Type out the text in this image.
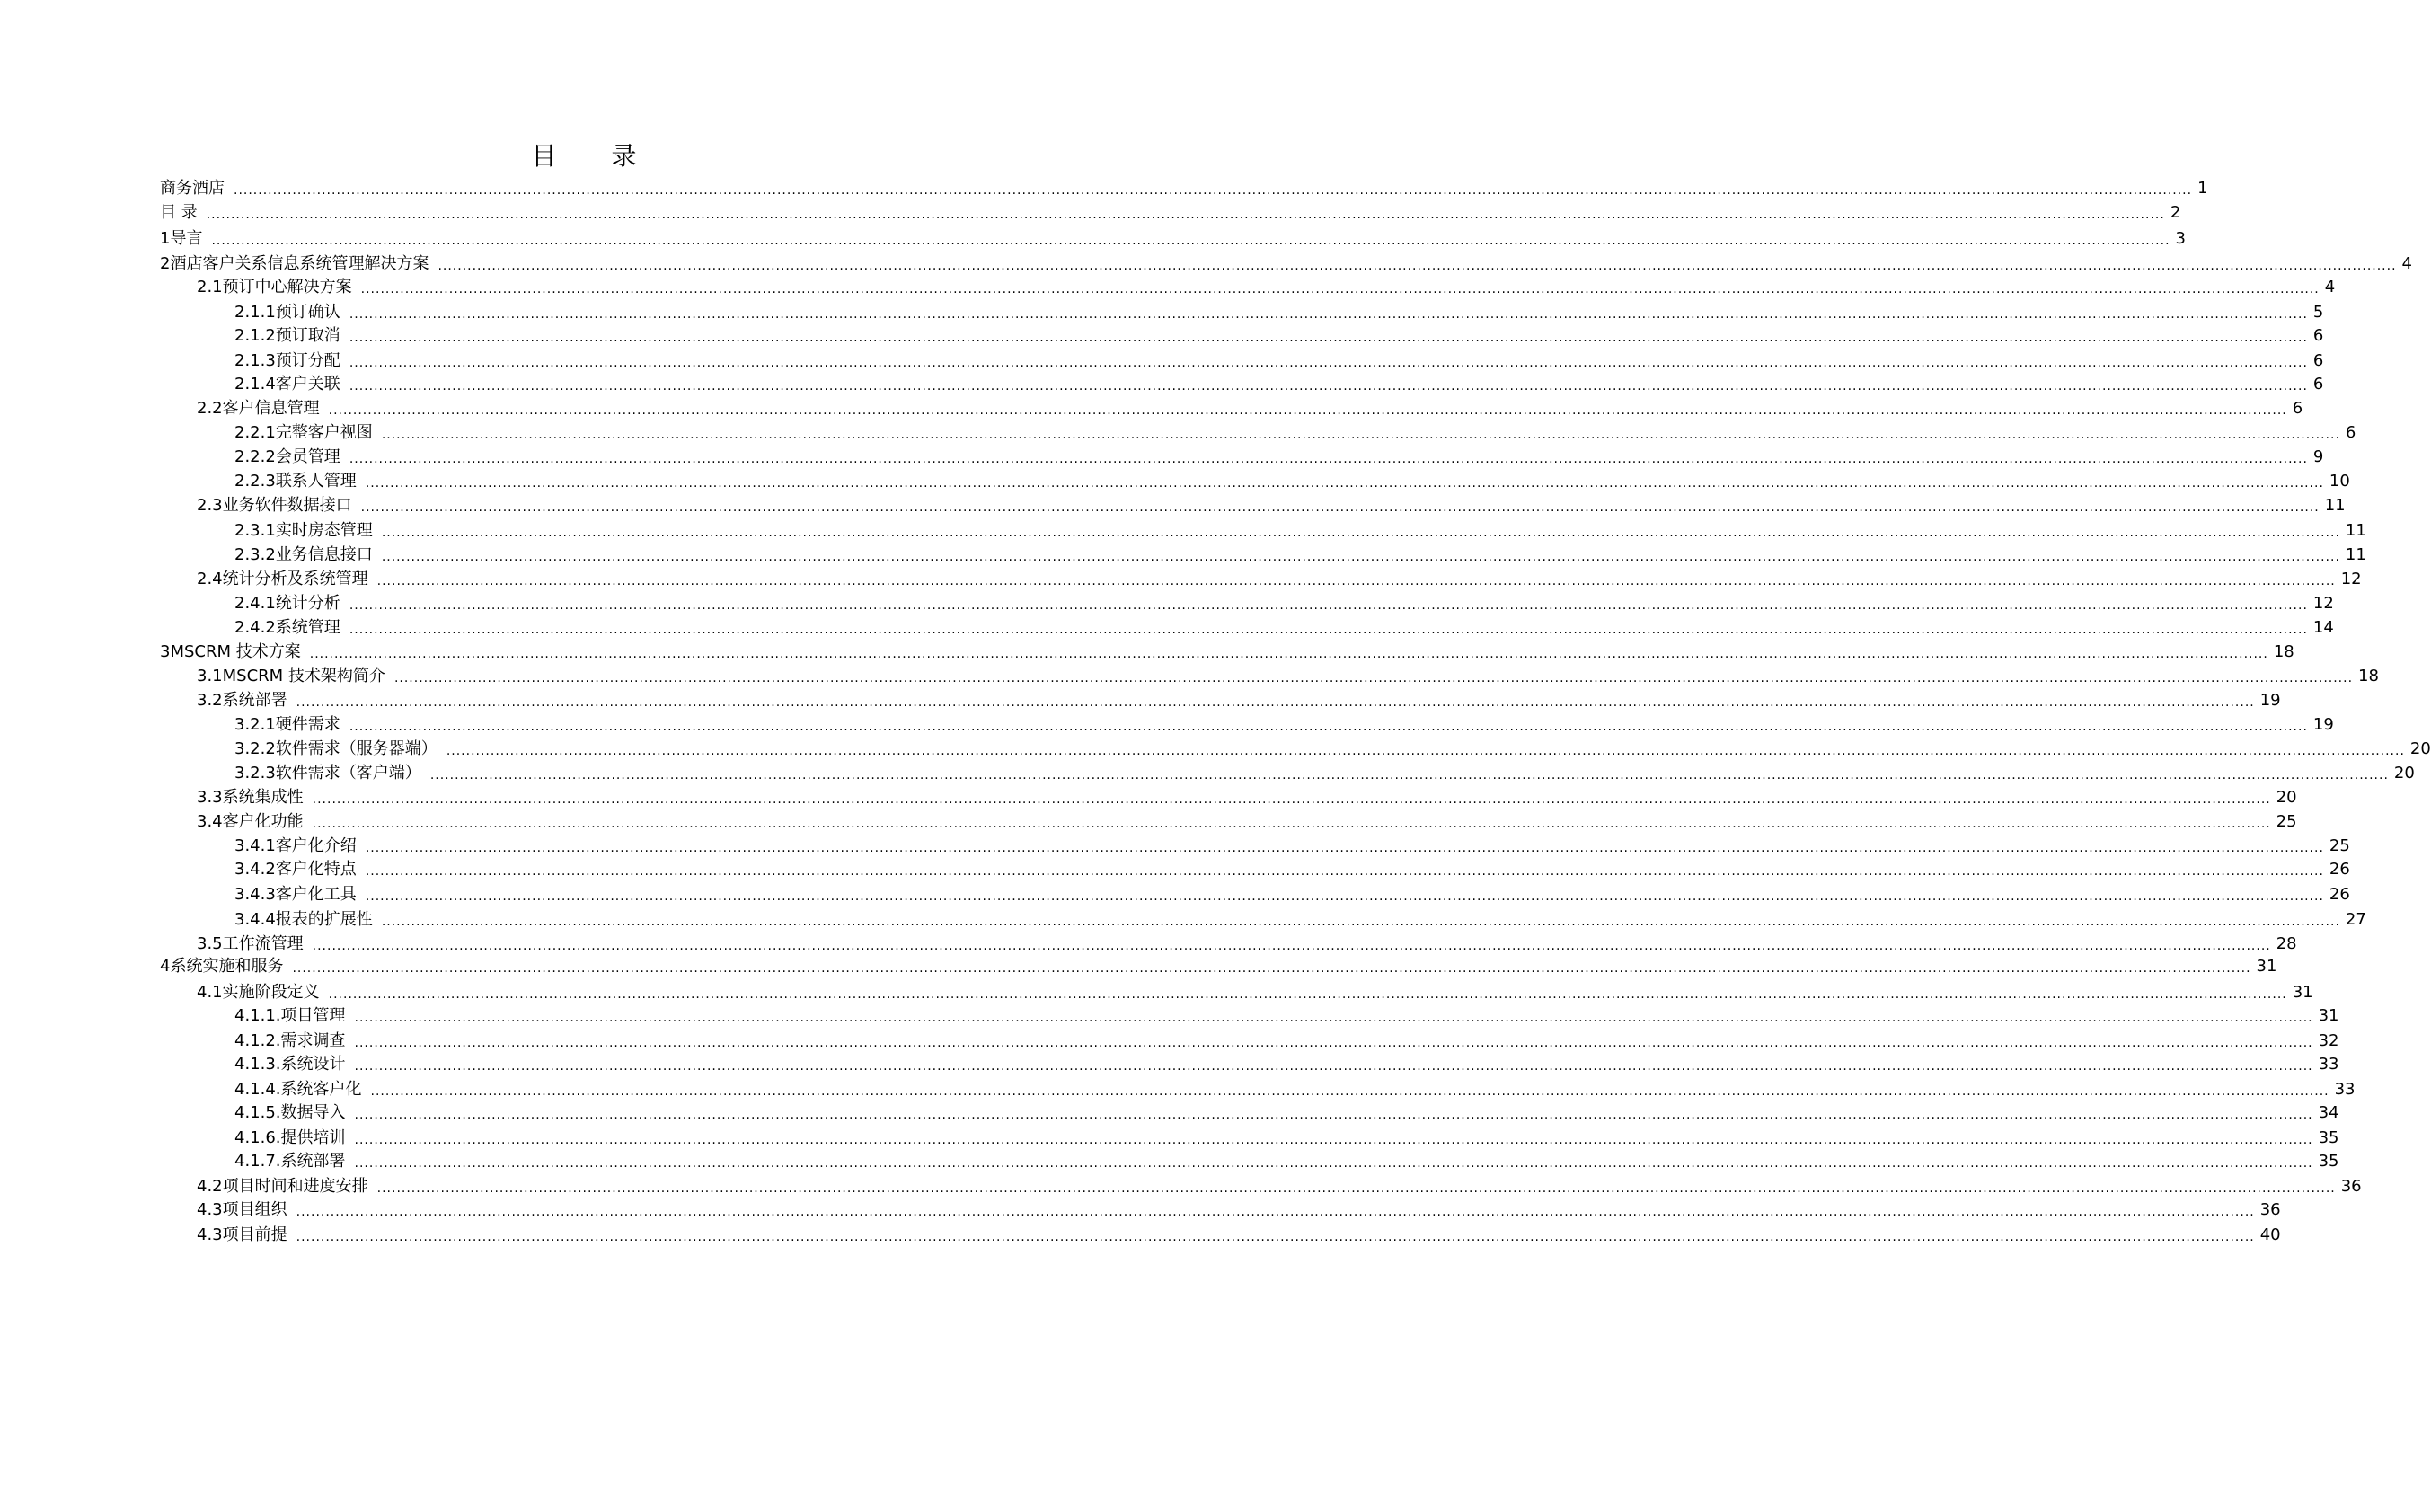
目 录
商务酒店 ................................................................................................................................................................................................................................................................................................................................................................................................................ 1
目 录 ................................................................................................................................................................................................................................................................................................................................................................................................................ 2
1 导言 ................................................................................................................................................................................................................................................................................................................................................................................................................ 3
2 酒店客户关系信息系统管理解决方案 ................................................................................................................................................................................................................................................................................................................................................................................................................ 4
2.1 预订中心解决方案 ................................................................................................................................................................................................................................................................................................................................................................................................................ 4
2.1.1 预订确认 ................................................................................................................................................................................................................................................................................................................................................................................................................ 5
2.1.2 预订取消 ................................................................................................................................................................................................................................................................................................................................................................................................................ 6
2.1.3 预订分配 ................................................................................................................................................................................................................................................................................................................................................................................................................ 6
2.1.4 客户关联 ................................................................................................................................................................................................................................................................................................................................................................................................................ 6
2.2 客户信息管理 ................................................................................................................................................................................................................................................................................................................................................................................................................ 6
2.2.1 完整客户视图 ................................................................................................................................................................................................................................................................................................................................................................................................................ 6
2.2.2 会员管理 ................................................................................................................................................................................................................................................................................................................................................................................................................ 9
2.2.3 联系人管理 ................................................................................................................................................................................................................................................................................................................................................................................................................ 10
2.3 业务软件数据接口 ................................................................................................................................................................................................................................................................................................................................................................................................................ 11
2.3.1 实时房态管理 ................................................................................................................................................................................................................................................................................................................................................................................................................ 11
2.3.2 业务信息接口 ................................................................................................................................................................................................................................................................................................................................................................................................................ 11
2.4 统计分析及系统管理 ................................................................................................................................................................................................................................................................................................................................................................................................................ 12
2.4.1 统计分析 ................................................................................................................................................................................................................................................................................................................................................................................................................ 12
2.4.2 系统管理 ................................................................................................................................................................................................................................................................................................................................................................................................................ 14
3 MSCRM 技术方案 ................................................................................................................................................................................................................................................................................................................................................................................................................ 18
3.1 MSCRM 技术架构简介 ................................................................................................................................................................................................................................................................................................................................................................................................................ 18
3.2 系统部署 ................................................................................................................................................................................................................................................................................................................................................................................................................ 19
3.2.1 硬件需求 ................................................................................................................................................................................................................................................................................................................................................................................................................ 19
3.2.2 软件需求（服务器端） ................................................................................................................................................................................................................................................................................................................................................................................................................ 20
3.2.3 软件需求（客户端） ................................................................................................................................................................................................................................................................................................................................................................................................................ 20
3.3 系统集成性 ................................................................................................................................................................................................................................................................................................................................................................................................................ 20
3.4 客户化功能 ................................................................................................................................................................................................................................................................................................................................................................................................................ 25
3.4.1 客户化介绍 ................................................................................................................................................................................................................................................................................................................................................................................................................ 25
3.4.2 客户化特点 ................................................................................................................................................................................................................................................................................................................................................................................................................ 26
3.4.3 客户化工具 ................................................................................................................................................................................................................................................................................................................................................................................................................ 26
3.4.4 报表的扩展性 ................................................................................................................................................................................................................................................................................................................................................................................................................ 27
3.5 工作流管理 ................................................................................................................................................................................................................................................................................................................................................................................................................ 28
4 系统实施和服务 ................................................................................................................................................................................................................................................................................................................................................................................................................ 31
4.1 实施阶段定义 ................................................................................................................................................................................................................................................................................................................................................................................................................ 31
4.1.1. 项目管理 ................................................................................................................................................................................................................................................................................................................................................................................................................ 31
4.1.2. 需求调查 ................................................................................................................................................................................................................................................................................................................................................................................................................ 32
4.1.3. 系统设计 ................................................................................................................................................................................................................................................................................................................................................................................................................ 33
4.1.4. 系统客户化 ................................................................................................................................................................................................................................................................................................................................................................................................................ 33
4.1.5. 数据导入 ................................................................................................................................................................................................................................................................................................................................................................................................................ 34
4.1.6. 提供培训 ................................................................................................................................................................................................................................................................................................................................................................................................................ 35
4.1.7. 系统部署 ................................................................................................................................................................................................................................................................................................................................................................................................................ 35
4.2 项目时间和进度安排 ................................................................................................................................................................................................................................................................................................................................................................................................................ 36
4.3 项目组织 ................................................................................................................................................................................................................................................................................................................................................................................................................ 36
4.3 项目前提 ................................................................................................................................................................................................................................................................................................................................................................................................................ 40
